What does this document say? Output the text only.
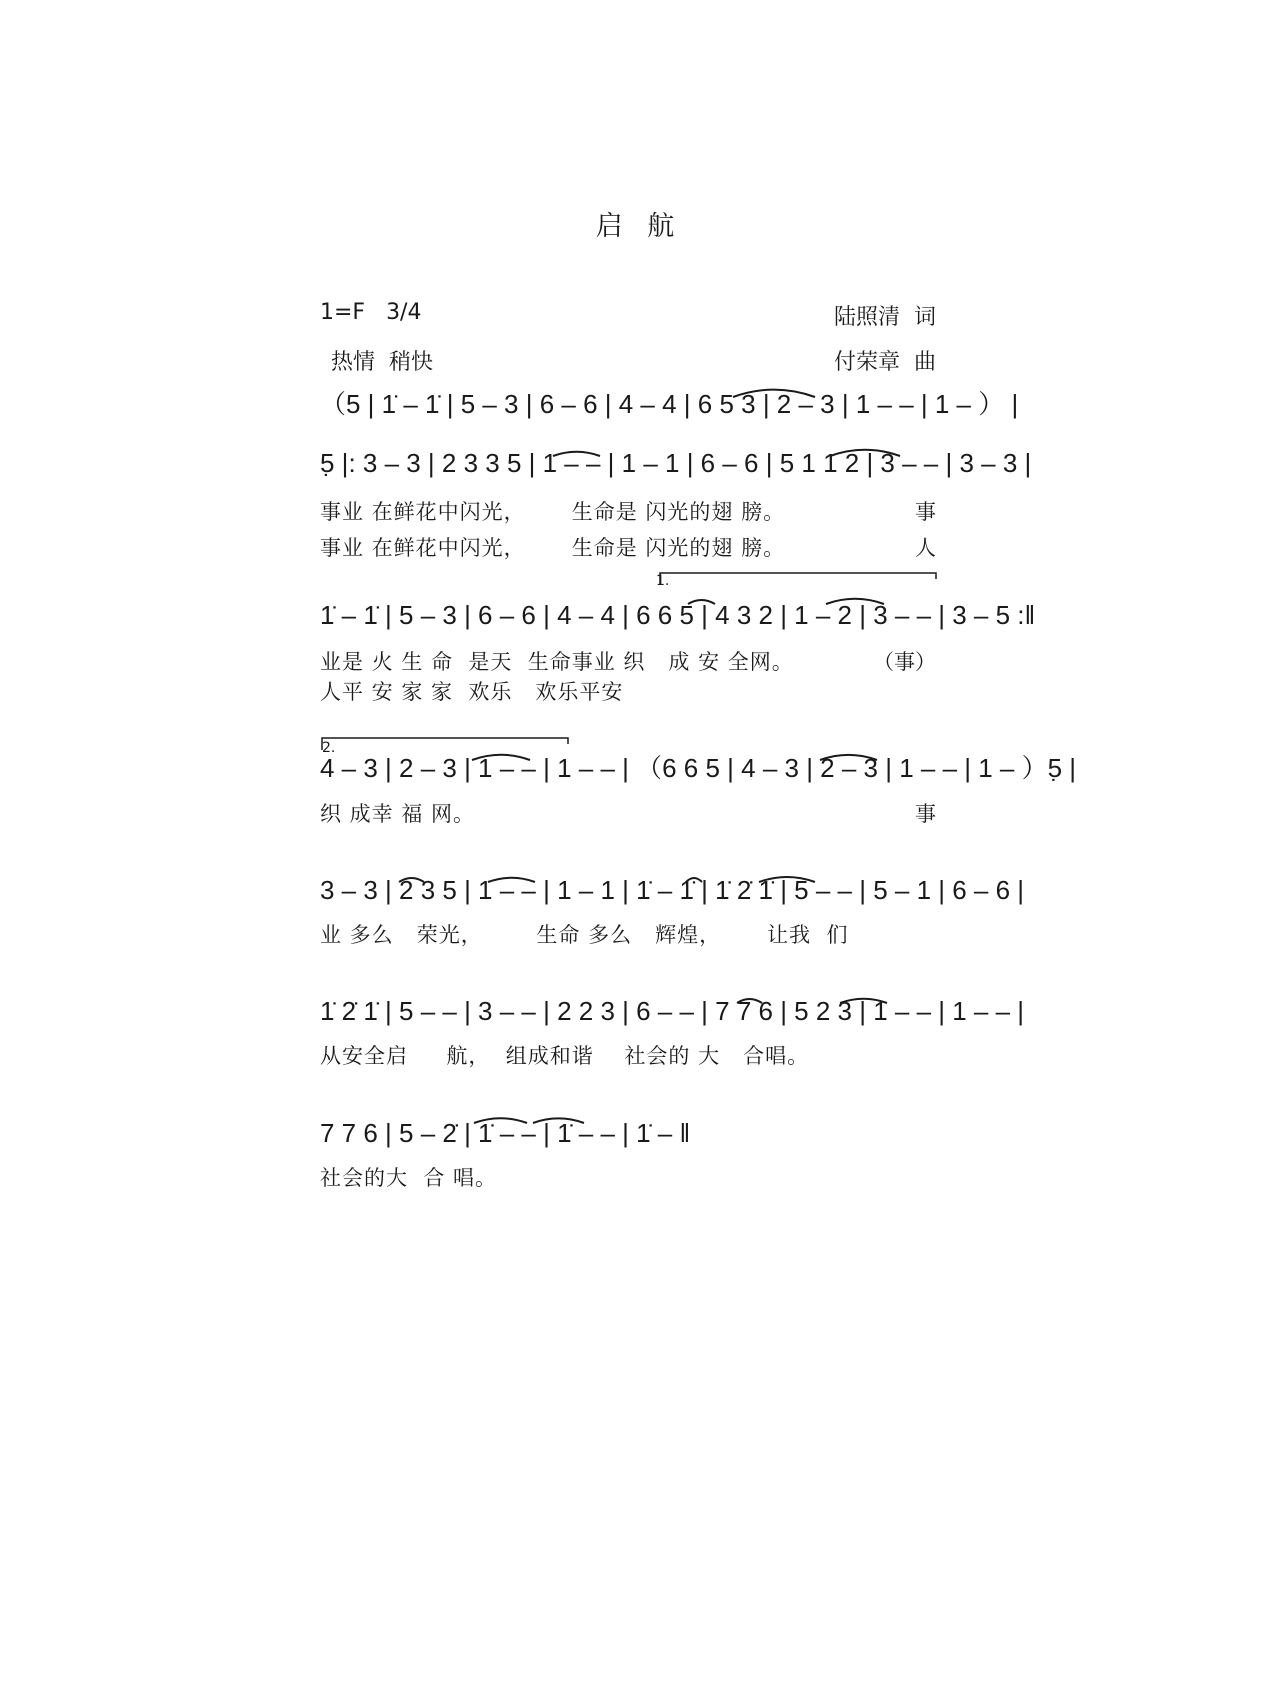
启 航
1=F   3/4
热情  稍快
陆照清  词
付荣章  曲
（5 | 1̇ – 1̇ | 5 – 3 | 6 – 6 | 4 – 4 | 6 5 3 | 2 – 3 | 1 – – | 1 – ） |
5̣ |: 3 – 3 | 2 3 3 5 | 1 – – | 1 – 1 | 6 – 6 | 5 1 1 2 | 3 – – | 3 – 3 |
事业 在鲜花中闪光，      生命是 闪光的翅 膀。
事业 在鲜花中闪光，      生命是 闪光的翅 膀。
事
人
1.
1̇ – 1̇ | 5 – 3 | 6 – 6 | 4 – 4 | 6 6 5 | 4 3 2 | 1 – 2 | 3 – – | 3 – 5 :‖
业是 火 生 命  是天  生命事业 织   成 安 全网。
人平 安 家 家  欢乐   欢乐平安
（事）
2.
4 – 3 | 2 – 3 | 1 – – | 1 – – | （6 6 5 | 4 – 3 | 2 – 3 | 1 – – | 1 – ）5̣ |
织 成幸 福 网。	事
3 – 3 | 2 3 5 | 1 – – | 1 – 1 | 1̇ – 1̇ | 1̇ 2̇ 1̇ | 5 – – | 5 – 1 | 6 – 6 |
业 多么   荣光，       生命 多么   辉煌，      让我  们
1̇ 2̇ 1̇ | 5 – – | 3 – – | 2 2 3 | 6 – – | 7 7 6 | 5 2 3 | 1 – – | 1 – – |
从安全启     航，  组成和谐    社会的 大   合唱。
7 7 6 | 5 – 2̇ | 1̇ – – | 1̇ – – | 1̇ – ‖
社会的大  合 唱。
